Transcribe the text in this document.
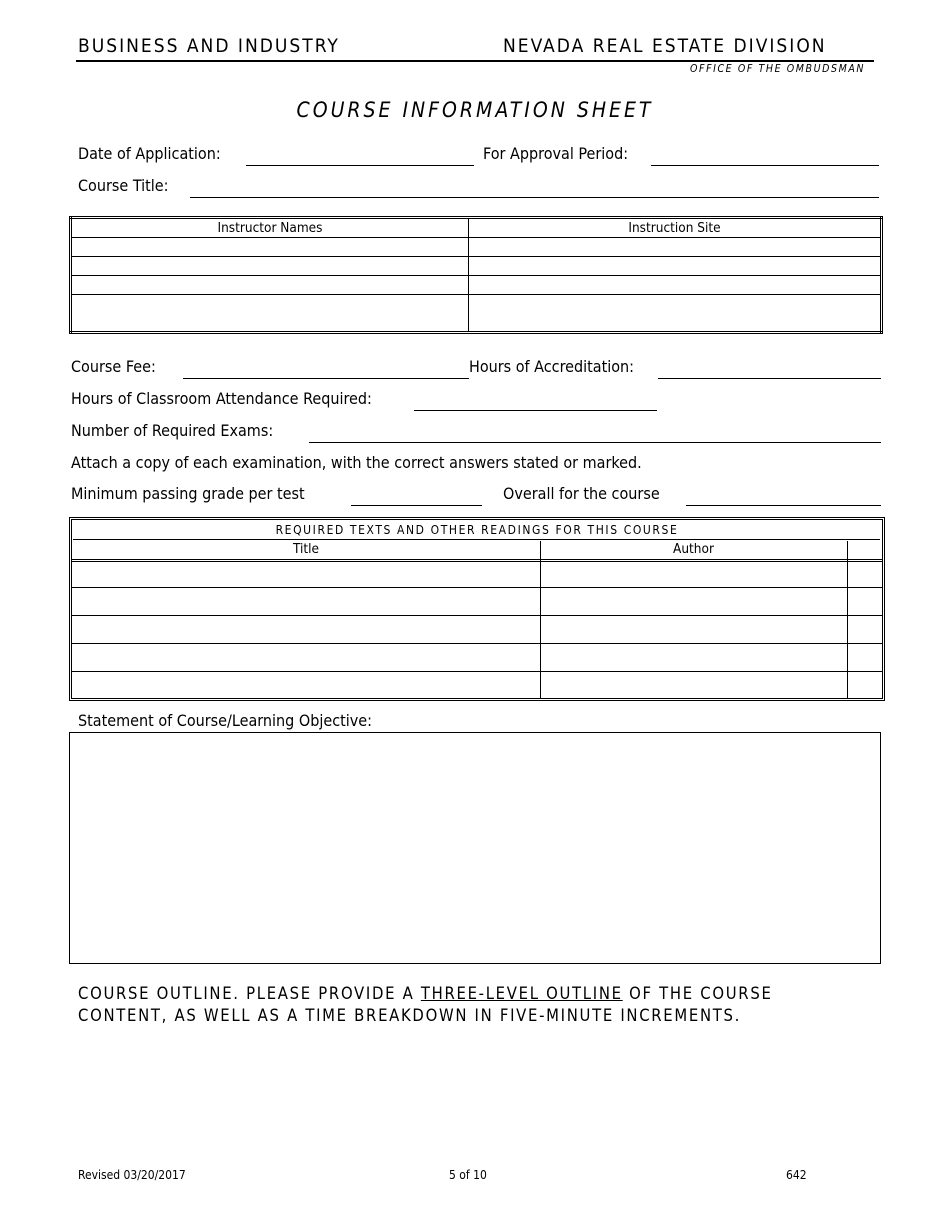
BUSINESS AND INDUSTRY	NEVADA REAL ESTATE DIVISION
OFFICE OF THE OMBUDSMAN
COURSE INFORMATION SHEET
Date of Application:	For Approval Period:
Course Title:
Instructor Names	Instruction Site

Course Fee:	Hours of Accreditation:
Hours of Classroom Attendance Required:
Number of Required Exams:
Attach a copy of each examination, with the correct answers stated or marked.
Minimum passing grade per test	Overall for the course
REQUIRED TEXTS AND OTHER READINGS FOR THIS COURSE
Title	Author
Statement of Course/Learning Objective:
COURSE OUTLINE. PLEASE PROVIDE A THREE-LEVEL OUTLINE OF THE COURSE
CONTENT, AS WELL AS A TIME BREAKDOWN IN FIVE-MINUTE INCREMENTS.
Revised 03/20/2017	5 of 10	642
